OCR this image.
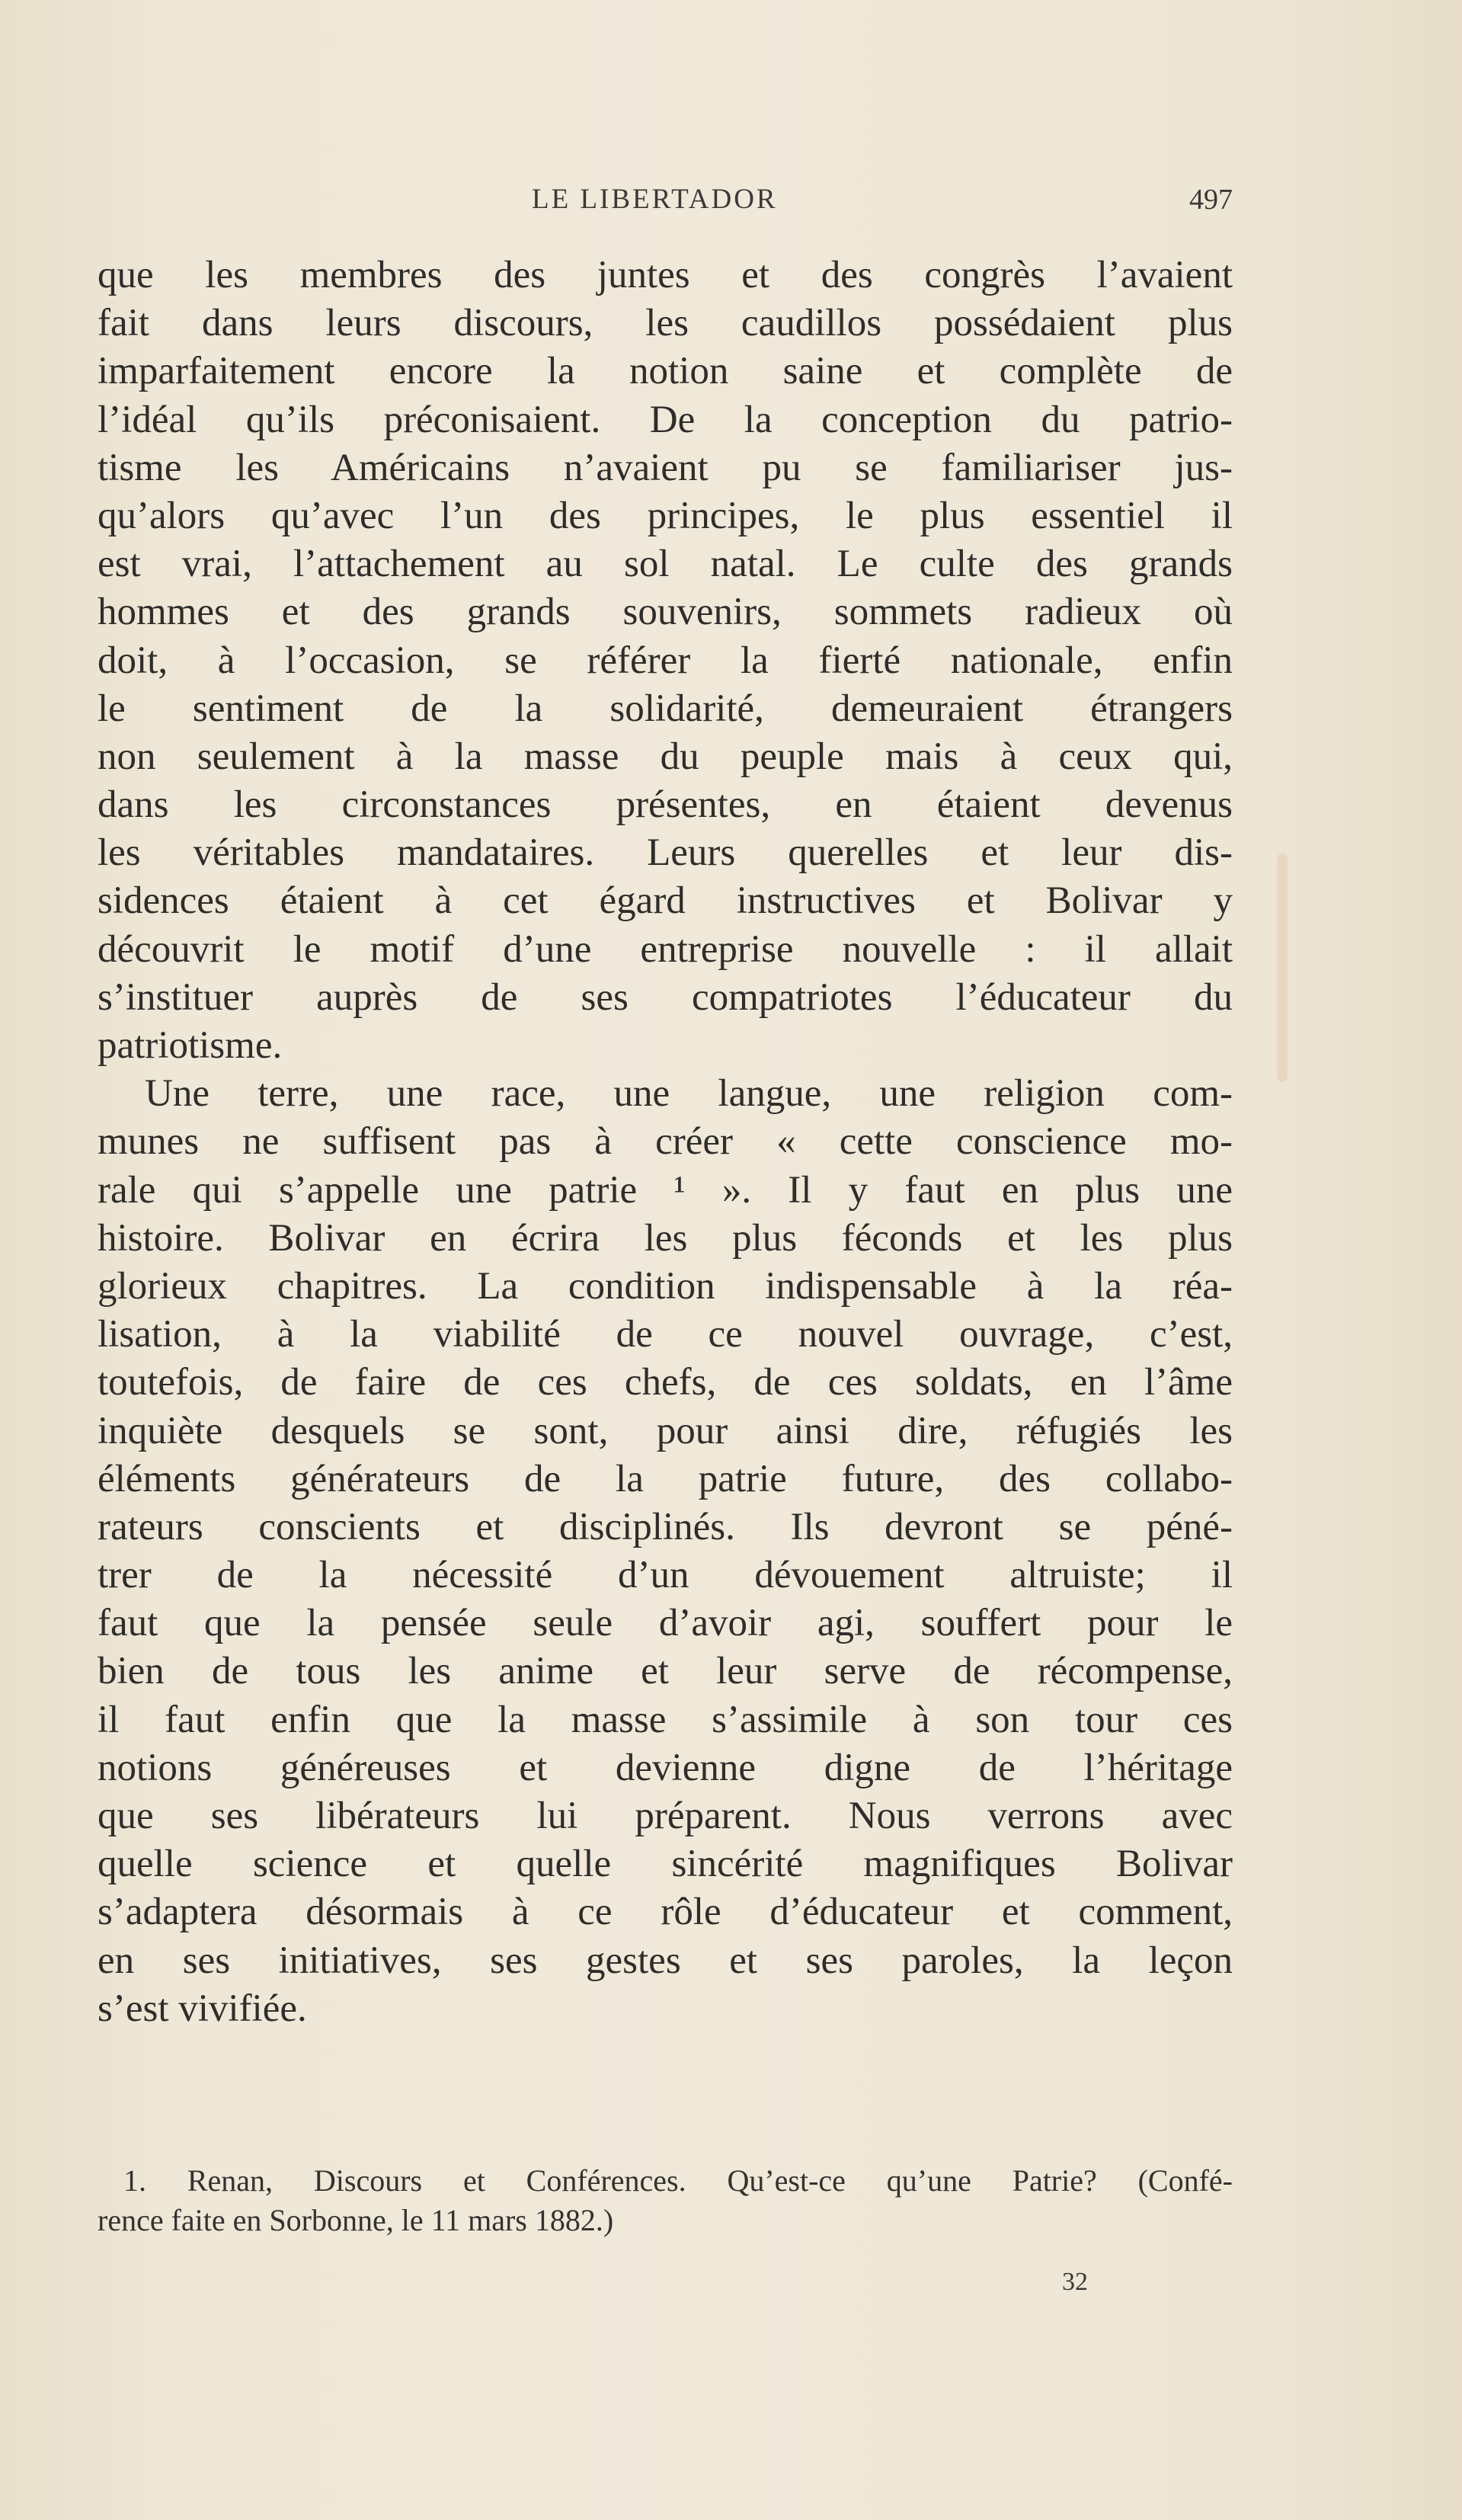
LE LIBERTADOR	497
que les membres des juntes et des congrès l’avaient
fait dans leurs discours, les caudillos possédaient plus
imparfaitement encore la notion saine et complète de
l’idéal qu’ils préconisaient. De la conception du patrio-
tisme les Américains n’avaient pu se familiariser jus-
qu’alors qu’avec l’un des principes, le plus essentiel il
est vrai, l’attachement au sol natal. Le culte des grands
hommes et des grands souvenirs, sommets radieux où
doit, à l’occasion, se référer la fierté nationale, enfin
le sentiment de la solidarité, demeuraient étrangers
non seulement à la masse du peuple mais à ceux qui,
dans les circonstances présentes, en étaient devenus
les véritables mandataires. Leurs querelles et leur dis-
sidences étaient à cet égard instructives et Bolivar y
découvrit le motif d’une entreprise nouvelle : il allait
s’instituer auprès de ses compatriotes l’éducateur du
patriotisme.
Une terre, une race, une langue, une religion com-
munes ne suffisent pas à créer « cette conscience mo-
rale qui s’appelle une patrie ¹ ». Il y faut en plus une
histoire. Bolivar en écrira les plus féconds et les plus
glorieux chapitres. La condition indispensable à la réa-
lisation, à la viabilité de ce nouvel ouvrage, c’est,
toutefois, de faire de ces chefs, de ces soldats, en l’âme
inquiète desquels se sont, pour ainsi dire, réfugiés les
éléments générateurs de la patrie future, des collabo-
rateurs conscients et disciplinés. Ils devront se péné-
trer de la nécessité d’un dévouement altruiste; il
faut que la pensée seule d’avoir agi, souffert pour le
bien de tous les anime et leur serve de récompense,
il faut enfin que la masse s’assimile à son tour ces
notions généreuses et devienne digne de l’héritage
que ses libérateurs lui préparent. Nous verrons avec
quelle science et quelle sincérité magnifiques Bolivar
s’adaptera désormais à ce rôle d’éducateur et comment,
en ses initiatives, ses gestes et ses paroles, la leçon
s’est vivifiée.
1. Renan, Discours et Conférences. Qu’est-ce qu’une Patrie? (Confé-
rence faite en Sorbonne, le 11 mars 1882.)
32
